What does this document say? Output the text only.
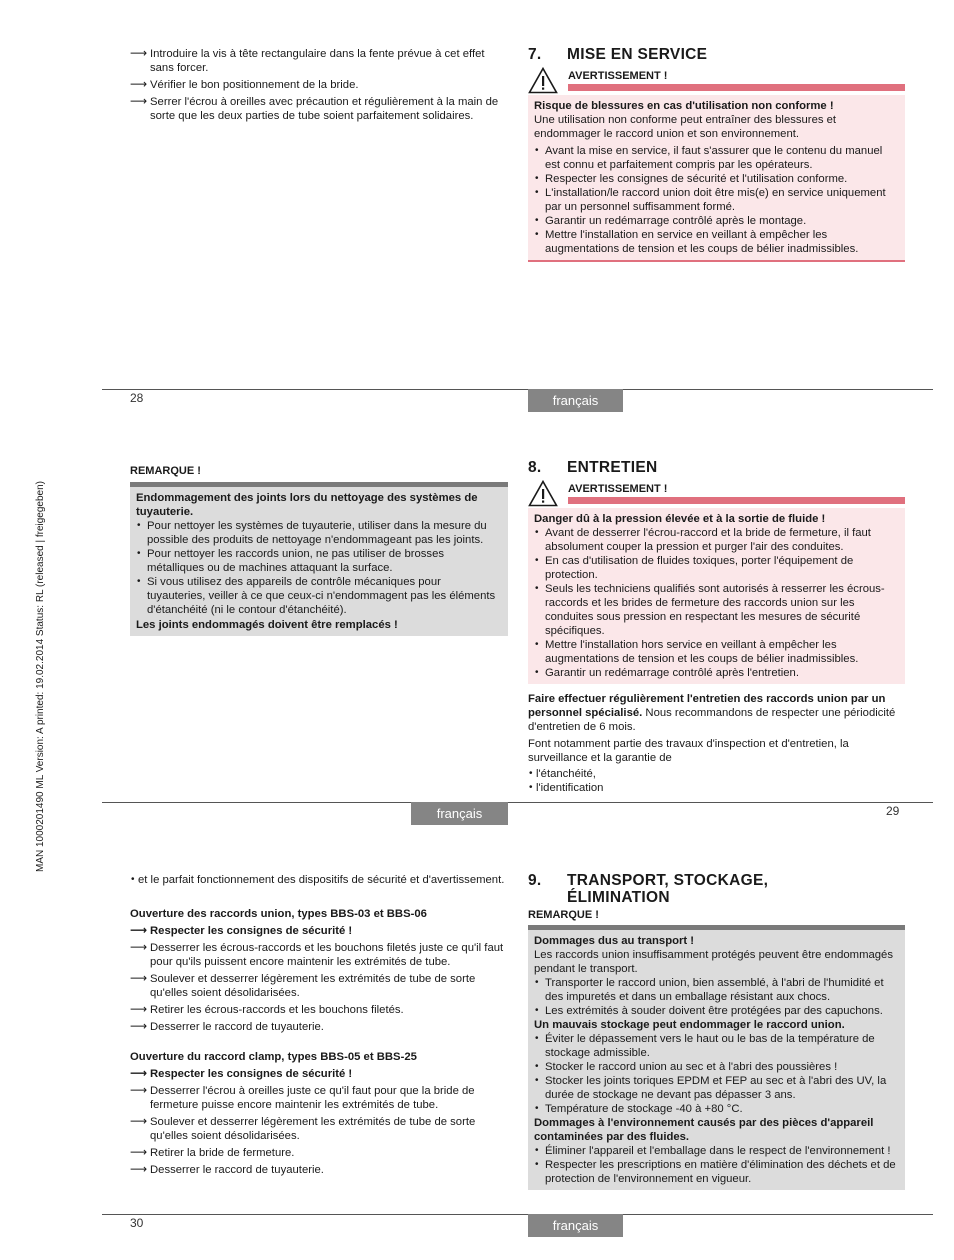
MAN 1000201490 ML Version: A printed: 19.02.2014 Status: RL (released | freigegeben)
⟶ Introduire la vis à tête rectangulaire dans la fente prévue à cet effet sans forcer.
⟶ Vérifier le bon positionnement de la bride.
⟶ Serrer l'écrou à oreilles avec précaution et régulièrement à la main de sorte que les deux parties de tube soient parfaitement solidaires.
7. MISE EN SERVICE
AVERTISSEMENT !

Risque de blessures en cas d'utilisation non conforme !

Une utilisation non conforme peut entraîner des blessures et endommager le raccord union et son environnement.

• Avant la mise en service, il faut s'assurer que le contenu du manuel est connu et parfaitement compris par les opérateurs.
• Respecter les consignes de sécurité et l'utilisation conforme.
• L'installation/le raccord union doit être mis(e) en service uniquement par un personnel suffisamment formé.
• Garantir un redémarrage contrôlé après le montage.
• Mettre l'installation en service en veillant à empêcher les augmentations de tension et les coups de bélier inadmissibles.
28	français

REMARQUE !

Endommagement des joints lors du nettoyage des systèmes de tuyauterie.

• Pour nettoyer les systèmes de tuyauterie, utiliser dans la mesure du possible des produits de nettoyage n'endommageant pas les joints.
• Pour nettoyer les raccords union, ne pas utiliser de brosses métalliques ou de machines attaquant la surface.
• Si vous utilisez des appareils de contrôle mécaniques pour tuyauteries, veiller à ce que ceux-ci n'endommagent pas les éléments d'étanchéité (ni le contour d'étanchéité).

Les joints endommagés doivent être remplacés !

8. ENTRETIEN
AVERTISSEMENT !

Danger dû à la pression élevée et à la sortie de fluide !

• Avant de desserrer l'écrou-raccord et la bride de fermeture, il faut absolument couper la pression et purger l'air des conduites.
• En cas d'utilisation de fluides toxiques, porter l'équipement de protection.
• Seuls les techniciens qualifiés sont autorisés à resserrer les écrous-raccords et les brides de fermeture des raccords union sur les conduites sous pression en respectant les mesures de sécurité spécifiques.
• Mettre l'installation hors service en veillant à empêcher les augmentations de tension et les coups de bélier inadmissibles.
• Garantir un redémarrage contrôlé après l'entretien.

Faire effectuer régulièrement l'entretien des raccords union par un personnel spécialisé. Nous recommandons de respecter une périodicité d'entretien de 6 mois.

Font notamment partie des travaux d'inspection et d'entretien, la surveillance et la garantie de

• l'étanchéité,
• l'identification
français	29
• et le parfait fonctionnement des dispositifs de sécurité et d'avertissement.

Ouverture des raccords union, types BBS-03 et BBS-06

⟶ Respecter les consignes de sécurité !
⟶ Desserrer les écrous-raccords et les bouchons filetés juste ce qu'il faut pour qu'ils puissent encore maintenir les extrémités de tube.
⟶ Soulever et desserrer légèrement les extrémités de tube de sorte qu'elles soient désolidarisées.
⟶ Retirer les écrous-raccords et les bouchons filetés.
⟶ Desserrer le raccord de tuyauterie.

Ouverture du raccord clamp, types BBS-05 et BBS-25

⟶ Respecter les consignes de sécurité !
⟶ Desserrer l'écrou à oreilles juste ce qu'il faut pour que la bride de fermeture puisse encore maintenir les extrémités de tube.
⟶ Soulever et desserrer légèrement les extrémités de tube de sorte qu'elles soient désolidarisées.
⟶ Retirer la bride de fermeture.
⟶ Desserrer le raccord de tuyauterie.
9. TRANSPORT, STOCKAGE,
ÉLIMINATION

REMARQUE !

Dommages dus au transport !

Les raccords union insuffisamment protégés peuvent être endommagés pendant le transport.

• Transporter le raccord union, bien assemblé, à l'abri de l'humidité et des impuretés et dans un emballage résistant aux chocs.
• Les extrémités à souder doivent être protégées par des capuchons.

Un mauvais stockage peut endommager le raccord union.

• Éviter le dépassement vers le haut ou le bas de la température de stockage admissible.
• Stocker le raccord union au sec et à l'abri des poussières !
• Stocker les joints toriques EPDM et FEP au sec et à l'abri des UV, la durée de stockage ne devant pas dépasser 3 ans.
• Température de stockage -40 à +80 °C.

Dommages à l'environnement causés par des pièces d'appareil contaminées par des fluides.

• Éliminer l'appareil et l'emballage dans le respect de l'environnement !
• Respecter les prescriptions en matière d'élimination des déchets et de protection de l'environnement en vigueur.
30	français
